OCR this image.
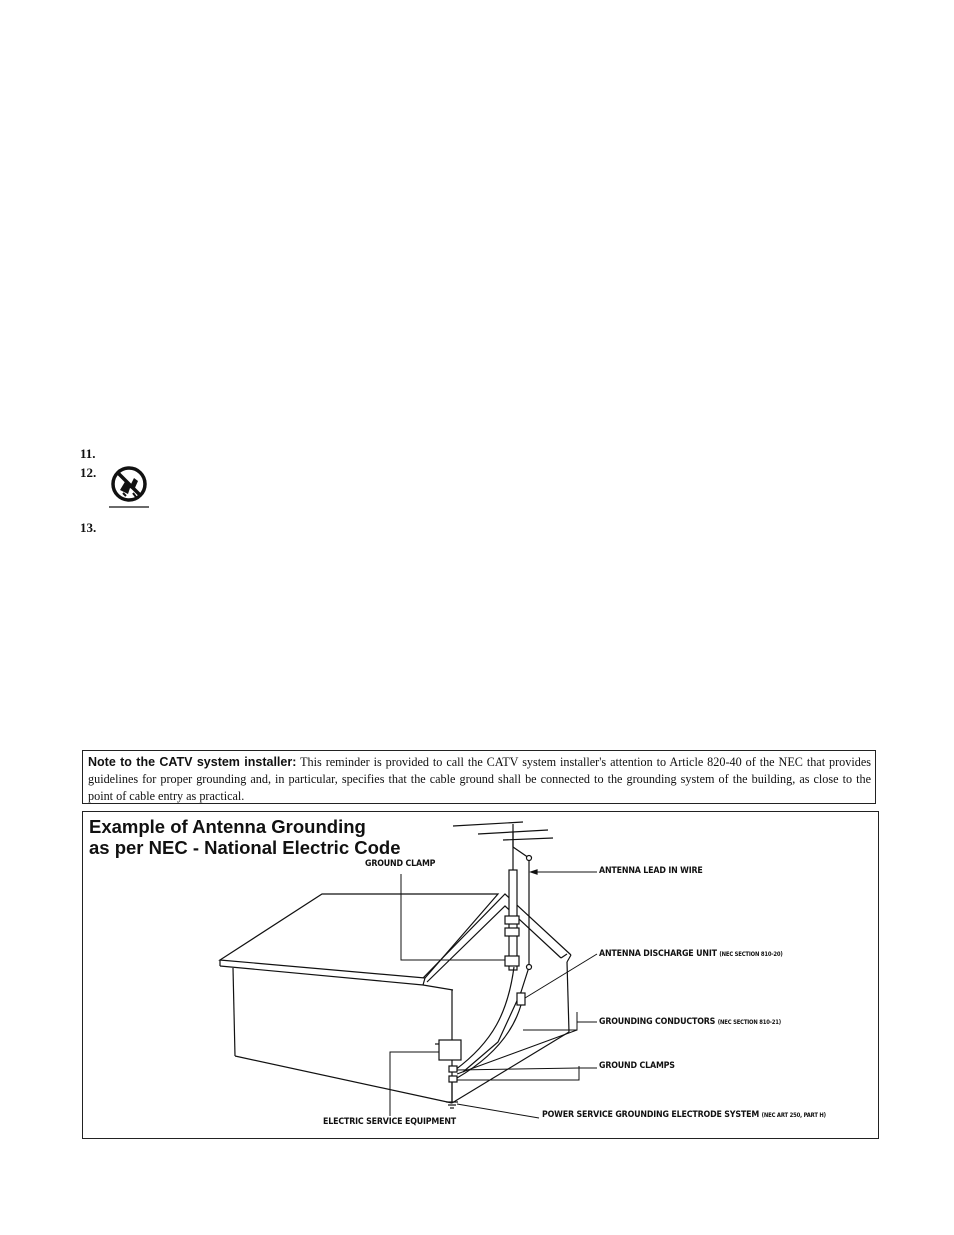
11.
12.
13.
Note to the CATV system installer: This reminder is provided to call the CATV system installer's attention to Article 820-40 of the NEC that provides guidelines for proper grounding and, in particular, specifies that the cable ground shall be connected to the grounding system of the building, as close to the point of cable entry as practical.
Example of Antenna Grounding
as per NEC - National Electric Code
GROUND CLAMP
ANTENNA LEAD IN WIRE
ANTENNA DISCHARGE UNIT (NEC SECTION 810-20)
GROUNDING CONDUCTORS (NEC SECTION 810-21)
GROUND CLAMPS
ELECTRIC SERVICE EQUIPMENT
POWER SERVICE GROUNDING ELECTRODE SYSTEM (NEC ART 250, PART H)
